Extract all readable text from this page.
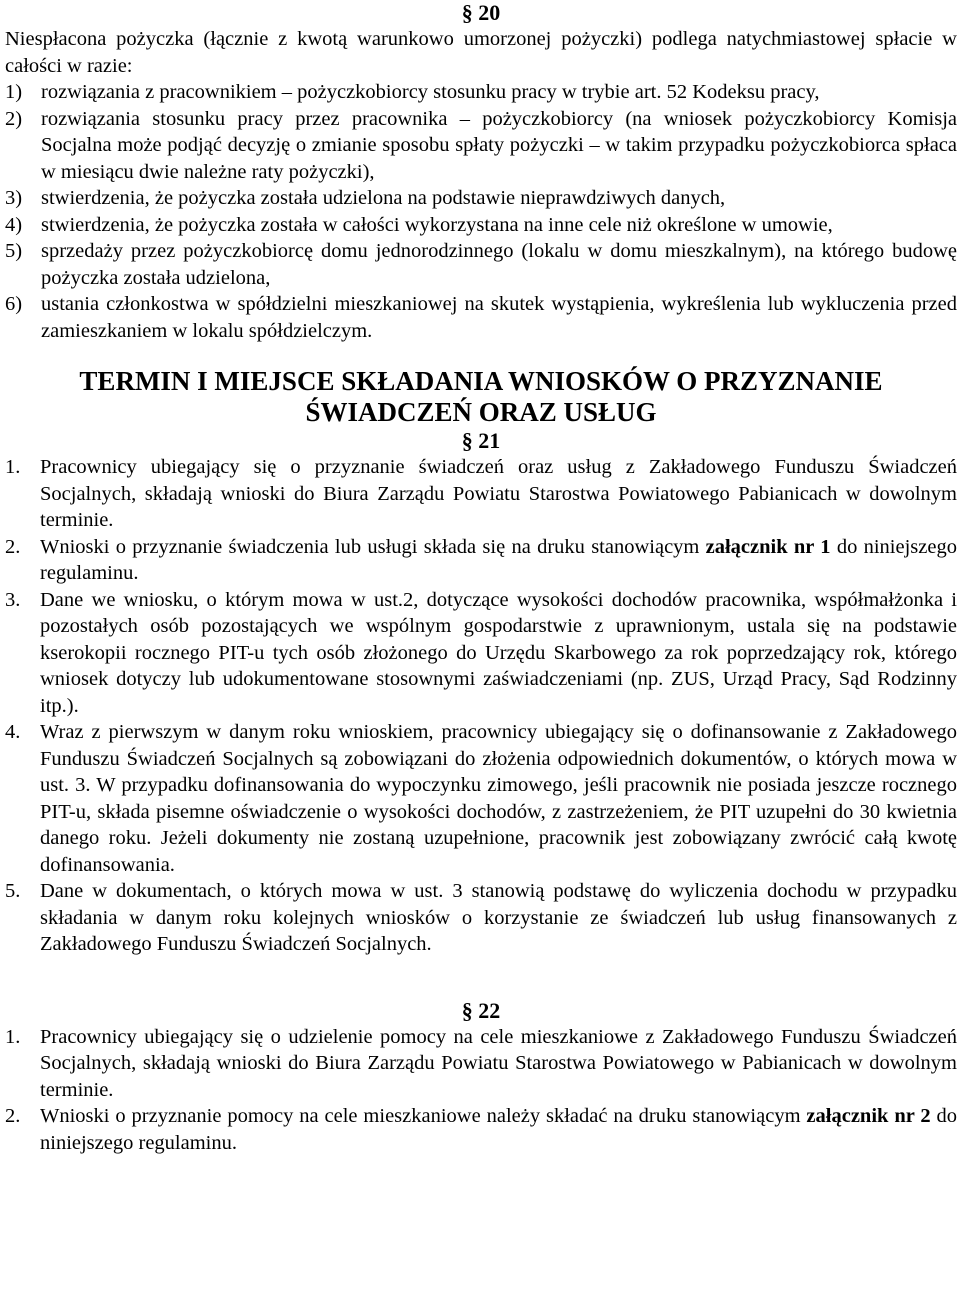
§ 20

Niespłacona pożyczka (łącznie z kwotą warunkowo umorzonej pożyczki) podlega natychmiastowej spłacie w całości w razie:
1) rozwiązania z pracownikiem – pożyczkobiorcy stosunku pracy w trybie art. 52 Kodeksu pracy,
2) rozwiązania stosunku pracy przez pracownika – pożyczkobiorcy (na wniosek pożyczkobiorcy Komisja Socjalna może podjąć decyzję o zmianie sposobu spłaty pożyczki – w takim przypadku pożyczkobiorca spłaca w miesiącu dwie należne raty pożyczki),
3) stwierdzenia, że pożyczka została udzielona na podstawie nieprawdziwych danych,
4) stwierdzenia, że pożyczka została w całości wykorzystana na inne cele niż określone w umowie,
5) sprzedaży przez pożyczkobiorcę domu jednorodzinnego (lokalu w domu mieszkalnym), na którego budowę pożyczka została udzielona,
6) ustania członkostwa w spółdzielni mieszkaniowej na skutek wystąpienia, wykreślenia lub wykluczenia przed zamieszkaniem w lokalu spółdzielczym.

TERMIN I MIEJSCE SKŁADANIA WNIOSKÓW O PRZYZNANIE

ŚWIADCZEŃ ORAZ USŁUG

§ 21

1. Pracownicy ubiegający się o przyznanie świadczeń oraz usług z Zakładowego Funduszu Świadczeń Socjalnych, składają wnioski do Biura Zarządu Powiatu Starostwa Powiatowego Pabianicach w dowolnym terminie.
2. Wnioski o przyznanie świadczenia lub usługi składa się na druku stanowiącym załącznik nr 1 do niniejszego regulaminu.
3. Dane we wniosku, o którym mowa w ust.2, dotyczące wysokości dochodów pracownika, współmałżonka i pozostałych osób pozostających we wspólnym gospodarstwie z uprawnionym, ustala się na podstawie kserokopii rocznego PIT-u tych osób złożonego do Urzędu Skarbowego za rok poprzedzający rok, którego wniosek dotyczy lub udokumentowane stosownymi zaświadczeniami (np. ZUS, Urząd Pracy, Sąd Rodzinny itp.).
4. Wraz z pierwszym w danym roku wnioskiem, pracownicy ubiegający się o dofinansowanie z Zakładowego Funduszu Świadczeń Socjalnych są zobowiązani do złożenia odpowiednich dokumentów, o których mowa w ust. 3. W przypadku dofinansowania do wypoczynku zimowego, jeśli pracownik nie posiada jeszcze rocznego PIT-u, składa pisemne oświadczenie o wysokości dochodów, z zastrzeżeniem, że PIT uzupełni do 30 kwietnia danego roku. Jeżeli dokumenty nie zostaną uzupełnione, pracownik jest zobowiązany zwrócić całą kwotę dofinansowania.
5. Dane w dokumentach, o których mowa w ust. 3 stanowią podstawę do wyliczenia dochodu w przypadku składania w danym roku kolejnych wniosków o korzystanie ze świadczeń lub usług finansowanych z Zakładowego Funduszu Świadczeń Socjalnych.

§ 22

1. Pracownicy ubiegający się o udzielenie pomocy na cele mieszkaniowe z Zakładowego Funduszu Świadczeń Socjalnych, składają wnioski do Biura Zarządu Powiatu Starostwa Powiatowego w Pabianicach w dowolnym terminie.
2. Wnioski o przyznanie pomocy na cele mieszkaniowe należy składać na druku stanowiącym załącznik nr 2 do niniejszego regulaminu.
